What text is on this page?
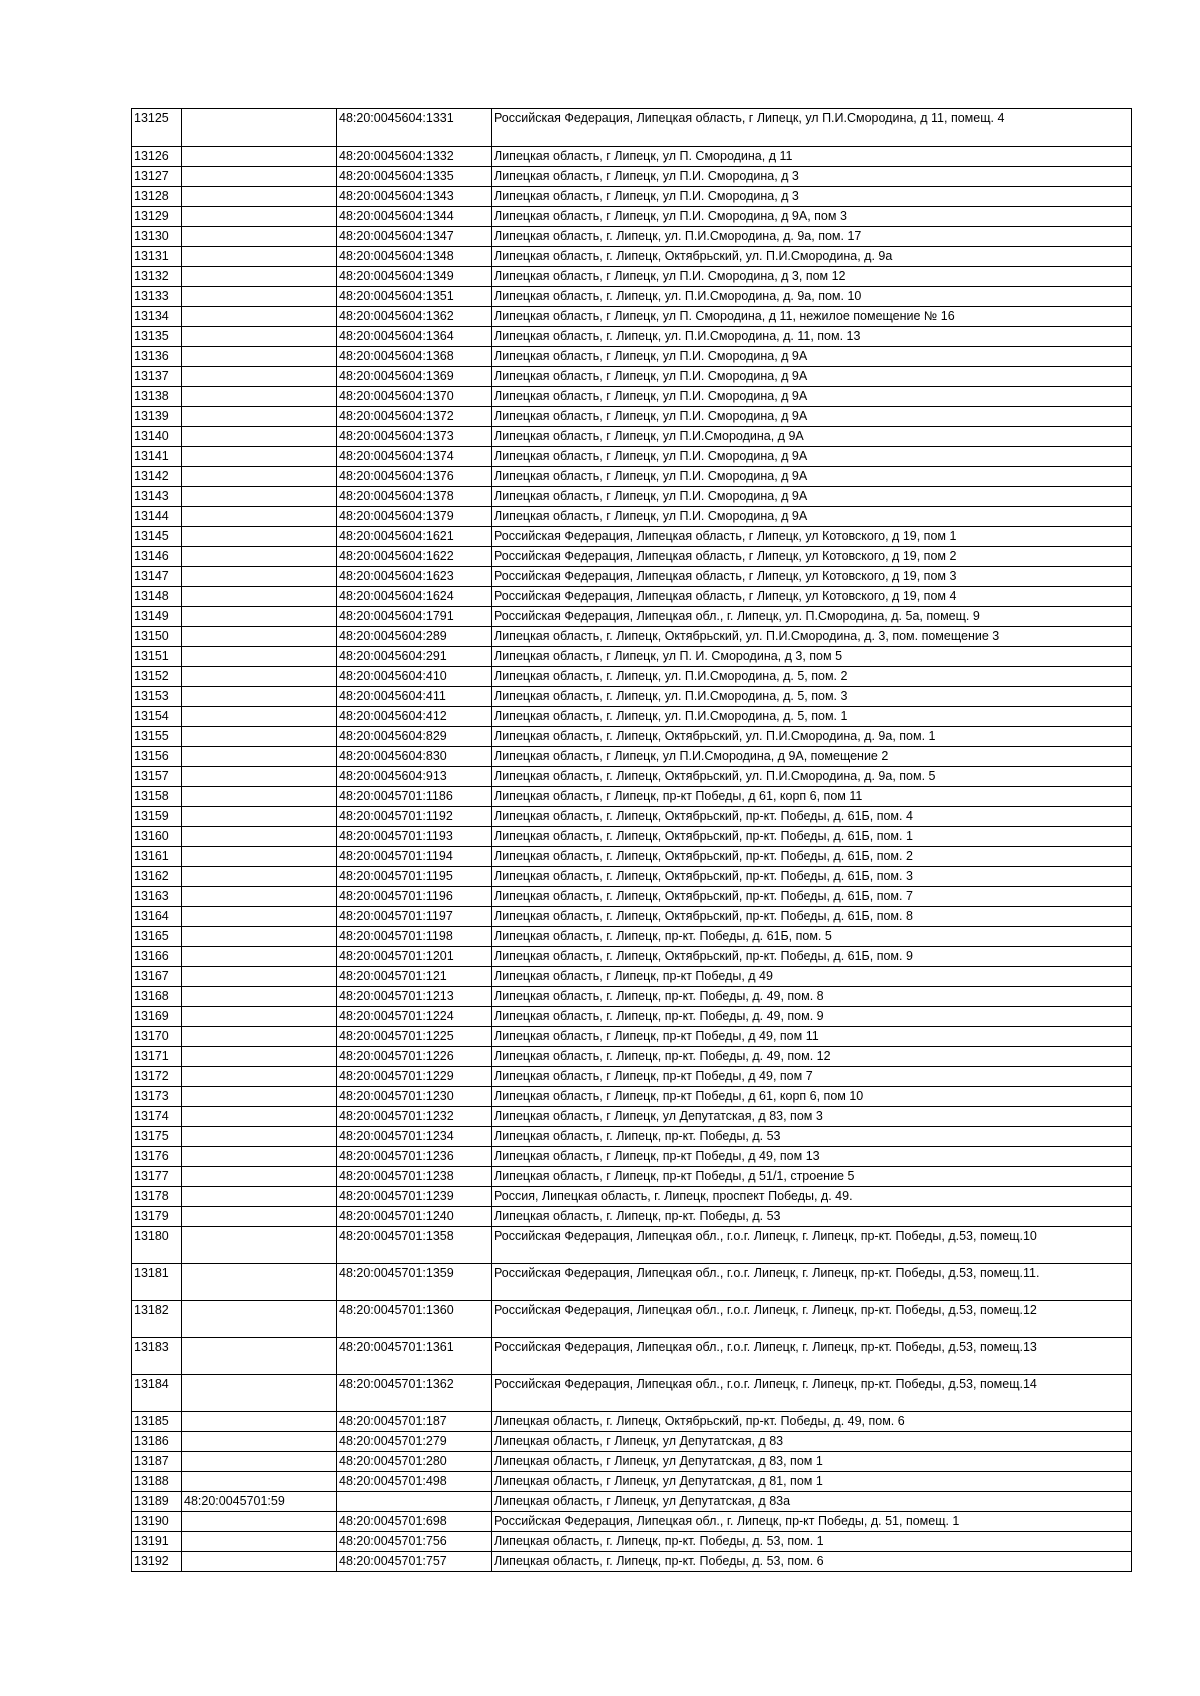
13125		48:20:0045604:1331	Российская Федерация, Липецкая область, г Липецк, ул П.И.Смородина, д 11, помещ. 4
13126		48:20:0045604:1332	Липецкая область, г Липецк, ул П. Смородина, д 11
13127		48:20:0045604:1335	Липецкая область, г Липецк, ул П.И. Смородина, д 3
13128		48:20:0045604:1343	Липецкая область, г Липецк, ул П.И. Смородина, д 3
13129		48:20:0045604:1344	Липецкая область, г Липецк, ул П.И. Смородина, д 9А, пом 3
13130		48:20:0045604:1347	Липецкая область, г. Липецк, ул. П.И.Смородина, д. 9а, пом. 17
13131		48:20:0045604:1348	Липецкая область, г. Липецк, Октябрьский, ул. П.И.Смородина, д. 9а
13132		48:20:0045604:1349	Липецкая область, г Липецк, ул П.И. Смородина, д 3, пом 12
13133		48:20:0045604:1351	Липецкая область, г. Липецк, ул. П.И.Смородина, д. 9а, пом. 10
13134		48:20:0045604:1362	Липецкая область, г Липецк, ул П. Смородина, д 11, нежилое помещение № 16
13135		48:20:0045604:1364	Липецкая область, г. Липецк, ул. П.И.Смородина, д. 11, пом. 13
13136		48:20:0045604:1368	Липецкая область, г Липецк, ул П.И. Смородина, д 9А
13137		48:20:0045604:1369	Липецкая область, г Липецк, ул П.И. Смородина, д 9А
13138		48:20:0045604:1370	Липецкая область, г Липецк, ул П.И. Смородина, д 9А
13139		48:20:0045604:1372	Липецкая область, г Липецк, ул П.И. Смородина, д 9А
13140		48:20:0045604:1373	Липецкая область, г Липецк, ул П.И.Смородина, д 9А
13141		48:20:0045604:1374	Липецкая область, г Липецк, ул П.И. Смородина, д 9А
13142		48:20:0045604:1376	Липецкая область, г Липецк, ул П.И. Смородина, д 9А
13143		48:20:0045604:1378	Липецкая область, г Липецк, ул П.И. Смородина, д 9А
13144		48:20:0045604:1379	Липецкая область, г Липецк, ул П.И. Смородина, д 9А
13145		48:20:0045604:1621	Российская Федерация, Липецкая область, г Липецк, ул Котовского, д 19, пом 1
13146		48:20:0045604:1622	Российская Федерация, Липецкая область, г Липецк, ул Котовского, д 19, пом 2
13147		48:20:0045604:1623	Российская Федерация, Липецкая область, г Липецк, ул Котовского, д 19, пом 3
13148		48:20:0045604:1624	Российская Федерация, Липецкая область, г Липецк, ул Котовского, д 19, пом 4
13149		48:20:0045604:1791	Российская Федерация, Липецкая обл., г. Липецк, ул. П.Смородина, д. 5а, помещ. 9
13150		48:20:0045604:289	Липецкая область, г. Липецк, Октябрьский, ул. П.И.Смородина, д. 3, пом. помещение 3
13151		48:20:0045604:291	Липецкая область, г Липецк, ул П. И. Смородина, д 3, пом 5
13152		48:20:0045604:410	Липецкая область, г. Липецк, ул. П.И.Смородина, д. 5, пом. 2
13153		48:20:0045604:411	Липецкая область, г. Липецк, ул. П.И.Смородина, д. 5, пом. 3
13154		48:20:0045604:412	Липецкая область, г. Липецк, ул. П.И.Смородина, д. 5, пом. 1
13155		48:20:0045604:829	Липецкая область, г. Липецк, Октябрьский, ул. П.И.Смородина, д. 9а, пом. 1
13156		48:20:0045604:830	Липецкая область, г Липецк, ул П.И.Смородина, д 9А, помещение 2
13157		48:20:0045604:913	Липецкая область, г. Липецк, Октябрьский, ул. П.И.Смородина, д. 9а, пом. 5
13158		48:20:0045701:1186	Липецкая область, г Липецк, пр-кт Победы, д 61, корп 6, пом 11
13159		48:20:0045701:1192	Липецкая область, г. Липецк, Октябрьский, пр-кт. Победы, д. 61Б, пом. 4
13160		48:20:0045701:1193	Липецкая область, г. Липецк, Октябрьский, пр-кт. Победы, д. 61Б, пом. 1
13161		48:20:0045701:1194	Липецкая область, г. Липецк, Октябрьский, пр-кт. Победы, д. 61Б, пом. 2
13162		48:20:0045701:1195	Липецкая область, г. Липецк, Октябрьский, пр-кт. Победы, д. 61Б, пом. 3
13163		48:20:0045701:1196	Липецкая область, г. Липецк, Октябрьский, пр-кт. Победы, д. 61Б, пом. 7
13164		48:20:0045701:1197	Липецкая область, г. Липецк, Октябрьский, пр-кт. Победы, д. 61Б, пом. 8
13165		48:20:0045701:1198	Липецкая область, г. Липецк, пр-кт. Победы, д. 61Б, пом. 5
13166		48:20:0045701:1201	Липецкая область, г. Липецк, Октябрьский, пр-кт. Победы, д. 61Б, пом. 9
13167		48:20:0045701:121	Липецкая область, г Липецк, пр-кт Победы, д 49
13168		48:20:0045701:1213	Липецкая область, г. Липецк, пр-кт. Победы, д. 49, пом. 8
13169		48:20:0045701:1224	Липецкая область, г. Липецк, пр-кт. Победы, д. 49, пом. 9
13170		48:20:0045701:1225	Липецкая область, г Липецк, пр-кт Победы, д 49, пом 11
13171		48:20:0045701:1226	Липецкая область, г. Липецк, пр-кт. Победы, д. 49, пом. 12
13172		48:20:0045701:1229	Липецкая область, г Липецк, пр-кт Победы, д 49, пом 7
13173		48:20:0045701:1230	Липецкая область, г Липецк, пр-кт Победы, д 61, корп 6, пом 10
13174		48:20:0045701:1232	Липецкая область, г Липецк, ул Депутатская, д 83, пом 3
13175		48:20:0045701:1234	Липецкая область, г. Липецк, пр-кт. Победы, д. 53
13176		48:20:0045701:1236	Липецкая область, г Липецк, пр-кт Победы, д 49, пом 13
13177		48:20:0045701:1238	Липецкая область, г Липецк, пр-кт Победы, д 51/1, строение 5
13178		48:20:0045701:1239	Россия, Липецкая область, г. Липецк, проспект Победы, д. 49.
13179		48:20:0045701:1240	Липецкая область, г. Липецк, пр-кт. Победы, д. 53
13180		48:20:0045701:1358	Российская Федерация, Липецкая обл., г.о.г. Липецк, г. Липецк, пр-кт. Победы, д.53, помещ.10
13181		48:20:0045701:1359	Российская Федерация, Липецкая обл., г.о.г. Липецк, г. Липецк, пр-кт. Победы, д.53, помещ.11.
13182		48:20:0045701:1360	Российская Федерация, Липецкая обл., г.о.г. Липецк, г. Липецк, пр-кт. Победы, д.53, помещ.12
13183		48:20:0045701:1361	Российская Федерация, Липецкая обл., г.о.г. Липецк, г. Липецк, пр-кт. Победы, д.53, помещ.13
13184		48:20:0045701:1362	Российская Федерация, Липецкая обл., г.о.г. Липецк, г. Липецк, пр-кт. Победы, д.53, помещ.14
13185		48:20:0045701:187	Липецкая область, г. Липецк, Октябрьский, пр-кт. Победы, д. 49, пом. 6
13186		48:20:0045701:279	Липецкая область, г Липецк, ул Депутатская, д 83
13187		48:20:0045701:280	Липецкая область, г Липецк, ул Депутатская, д 83, пом 1
13188		48:20:0045701:498	Липецкая область, г Липецк, ул Депутатская, д 81, пом 1
13189	48:20:0045701:59		Липецкая область, г Липецк, ул Депутатская, д 83а
13190		48:20:0045701:698	Российская Федерация, Липецкая обл., г. Липецк, пр-кт Победы, д. 51, помещ. 1
13191		48:20:0045701:756	Липецкая область, г. Липецк, пр-кт. Победы, д. 53, пом. 1
13192		48:20:0045701:757	Липецкая область, г. Липецк, пр-кт. Победы, д. 53, пом. 6
